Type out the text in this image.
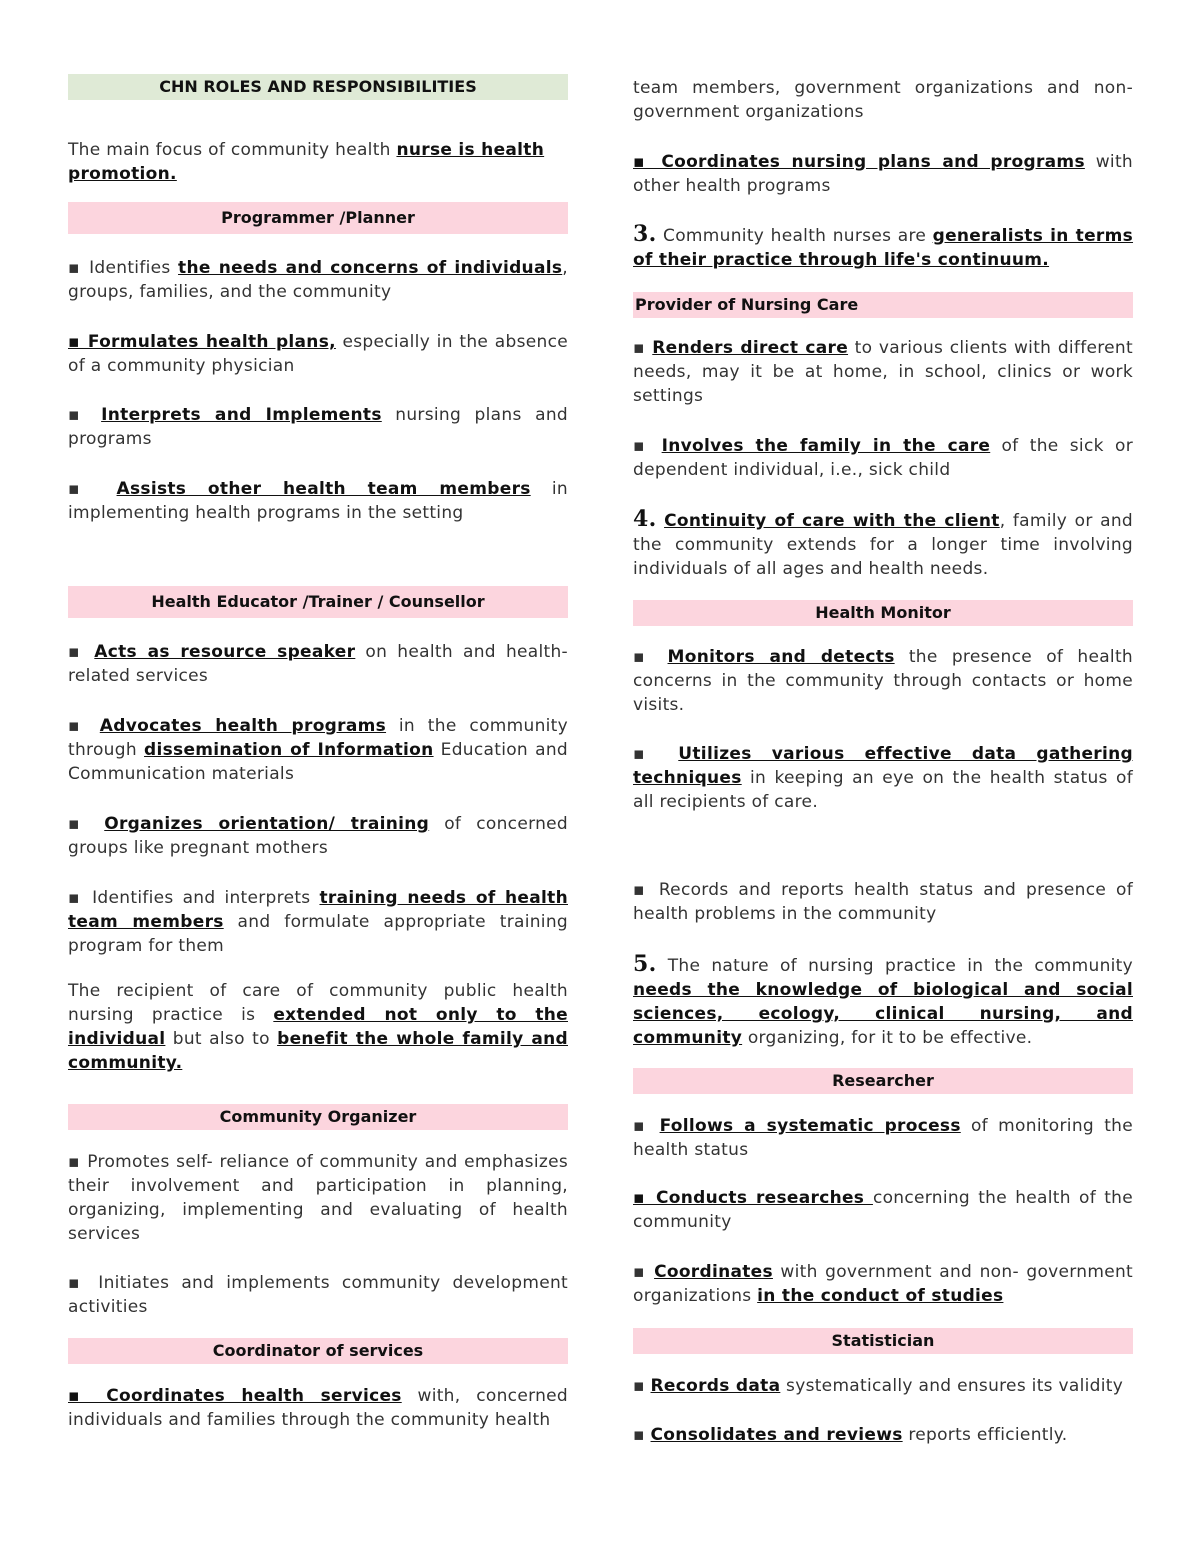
CHN ROLES AND RESPONSIBILITIES

The main focus of community health nurse is health promotion.

Programmer /Planner

▪ Identifies the needs and concerns of individuals, groups, families, and the community

▪ Formulates health plans, especially in the absence of a community physician

▪ Interprets and Implements nursing plans and programs

▪ Assists other health team members in implementing health programs in the setting

Health Educator /Trainer / Counsellor

▪ Acts as resource speaker on health and health-related services

▪ Advocates health programs in the community through dissemination of Information Education and Communication materials

▪ Organizes orientation/ training of concerned groups like pregnant mothers

▪ Identifies and interprets training needs of health team members and formulate appropriate training program for them

The recipient of care of community public health nursing practice is extended not only to the individual but also to benefit the whole family and community.

Community Organizer

▪ Promotes self- reliance of community and emphasizes their involvement and participation in planning, organizing, implementing and evaluating of health services

▪ Initiates and implements community development activities

Coordinator of services

▪ Coordinates health services with, concerned individuals and families through the community health

team members, government organizations and non-government organizations

▪ Coordinates nursing plans and programs with other health programs

3. Community health nurses are generalists in terms of their practice through life's continuum.

Provider of Nursing Care

▪ Renders direct care to various clients with different needs, may it be at home, in school, clinics or work settings

▪ Involves the family in the care of the sick or dependent individual, i.e., sick child

4. Continuity of care with the client, family or and the community extends for a longer time involving individuals of all ages and health needs.

Health Monitor

▪ Monitors and detects the presence of health concerns in the community through contacts or home visits.

▪ Utilizes various effective data gathering techniques in keeping an eye on the health status of all recipients of care.

▪ Records and reports health status and presence of health problems in the community

5. The nature of nursing practice in the community needs the knowledge of biological and social sciences, ecology, clinical nursing, and community organizing, for it to be effective.

Researcher

▪ Follows a systematic process of monitoring the health status

▪ Conducts researches concerning the health of the community

▪ Coordinates with government and non- government organizations in the conduct of studies

Statistician

▪ Records data systematically and ensures its validity

▪ Consolidates and reviews reports efficiently.
